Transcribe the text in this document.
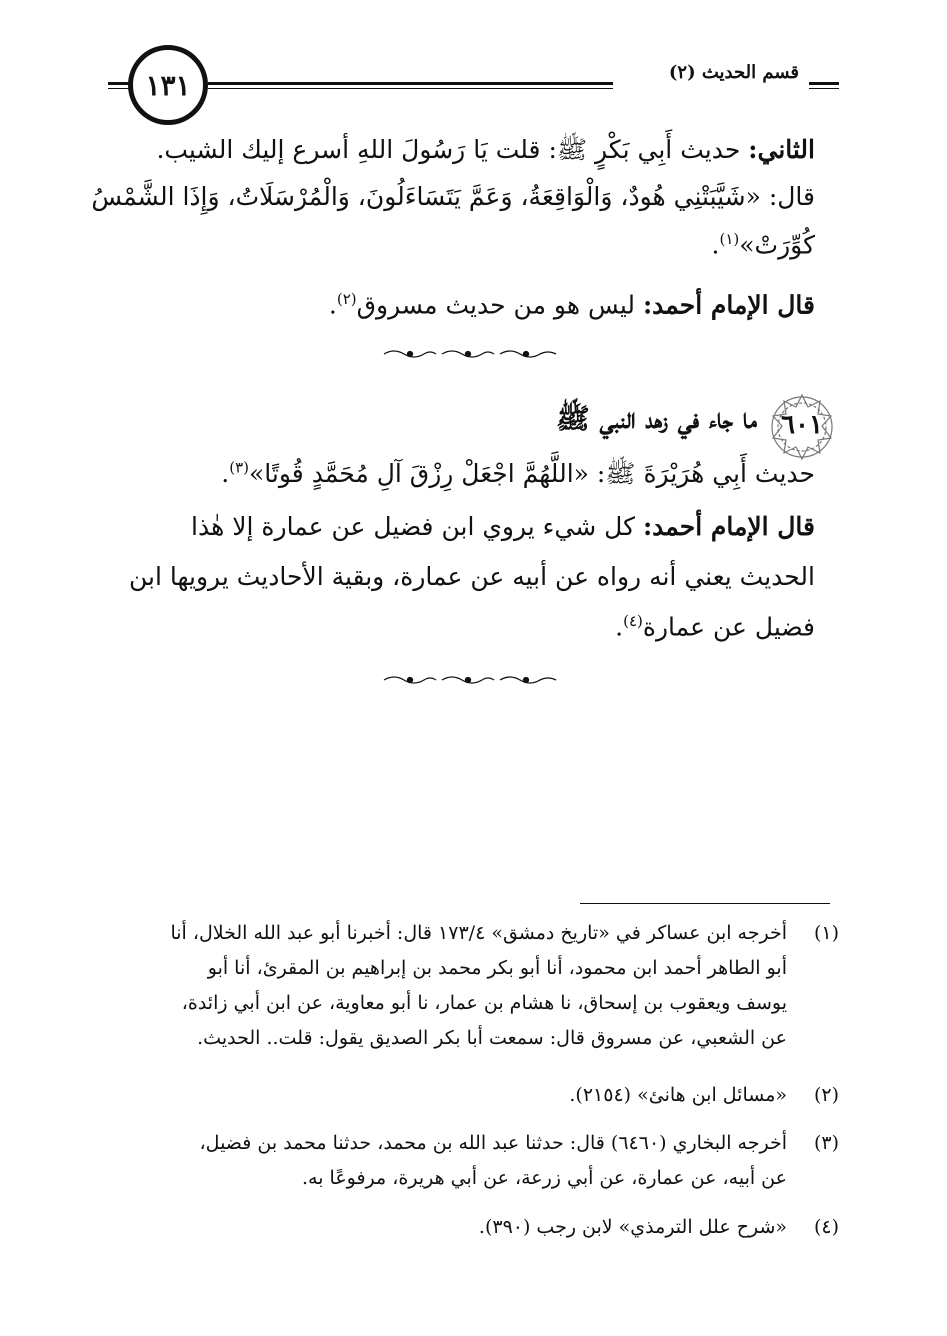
قسم الحديث (٢)
١٣١
الثاني: حديث أَبِي بَكْرٍ ﷺ: قلت يَا رَسُولَ اللهِ أسرع إليك الشيب.
قال: «شَيَّبَتْنِي هُودٌ، وَالْوَاقِعَةُ، وَعَمَّ يَتَسَاءَلُونَ، وَالْمُرْسَلَاتُ، وَإِذَا الشَّمْسُ
كُوِّرَتْ»$^{(١)}$.
قال الإمام أحمد: ليس هو من حديث مسروق$^{(٢)}$.
٦٠١
ما جاء في زهد النبي ﷺ
حديث أَبِي هُرَيْرَةَ ﷺ: «اللَّهُمَّ اجْعَلْ رِزْقَ آلِ مُحَمَّدٍ قُوتًا»$^{(٣)}$.
قال الإمام أحمد: كل شيء يروي ابن فضيل عن عمارة إلا هٰذا
الحديث يعني أنه رواه عن أبيه عن عمارة، وبقية الأحاديث يرويها ابن
فضيل عن عمارة$^{(٤)}$.
(١)
أخرجه ابن عساكر في «تاريخ دمشق» ١٧٣/٤ قال: أخبرنا أبو عبد الله الخلال، أنا
أبو الطاهر أحمد ابن محمود، أنا أبو بكر محمد بن إبراهيم بن المقرئ، أنا أبو
يوسف ويعقوب بن إسحاق، نا هشام بن عمار، نا أبو معاوية، عن ابن أبي زائدة،
عن الشعبي، عن مسروق قال: سمعت أبا بكر الصديق يقول: قلت.. الحديث.
(٢)
«مسائل ابن هانئ» (٢١٥٤).
(٣)
أخرجه البخاري (٦٤٦٠) قال: حدثنا عبد الله بن محمد، حدثنا محمد بن فضيل،
عن أبيه، عن عمارة، عن أبي زرعة، عن أبي هريرة، مرفوعًا به.
(٤)
«شرح علل الترمذي» لابن رجب (٣٩٠).
